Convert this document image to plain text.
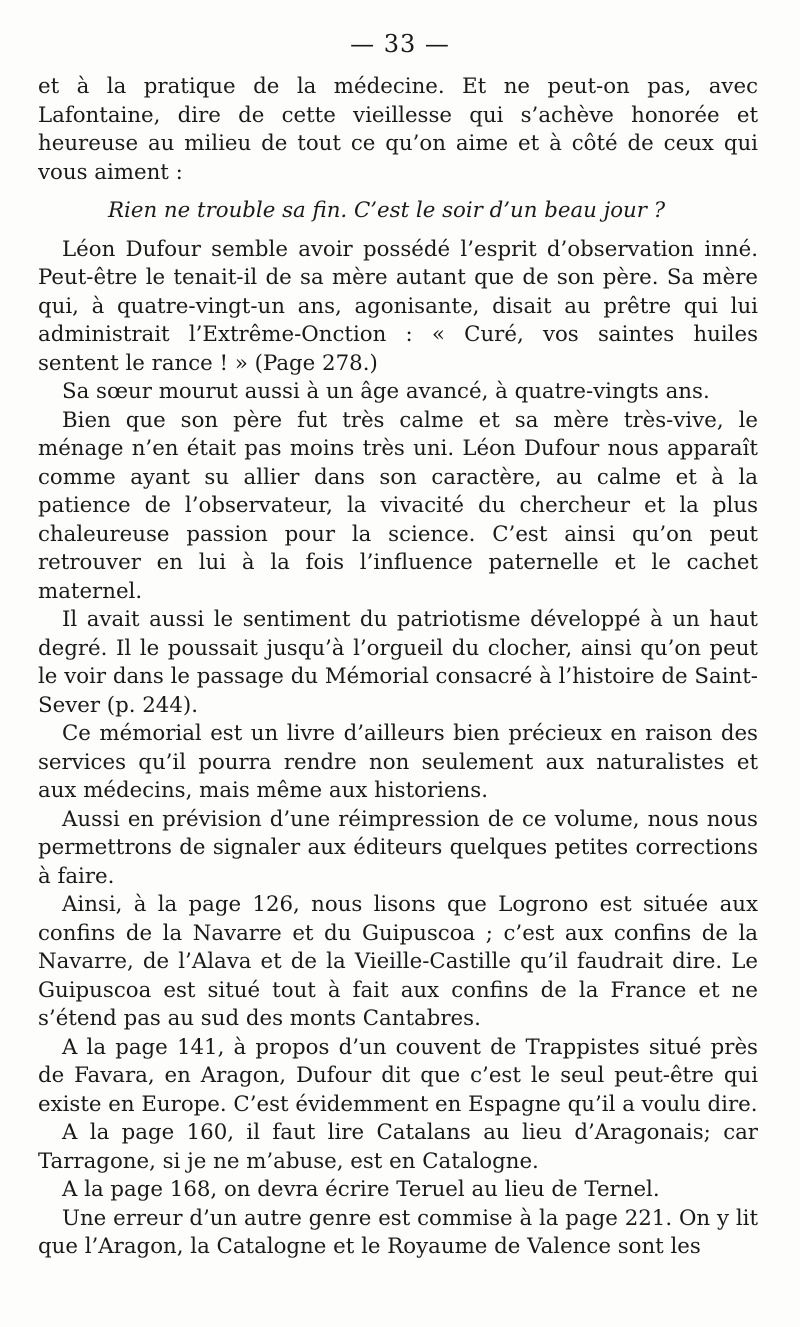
— 33 —

et à la pratique de la médecine. Et ne peut-on pas, avec Lafontaine, dire de cette vieillesse qui s’achève honorée et heureuse au milieu de tout ce qu’on aime et à côté de ceux qui vous aiment :

Rien ne trouble sa fin. C’est le soir d’un beau jour ?

Léon Dufour semble avoir possédé l’esprit d’observation inné. Peut-être le tenait-il de sa mère autant que de son père. Sa mère qui, à quatre-vingt-un ans, agonisante, disait au prêtre qui lui administrait l’Extrême-Onction : « Curé, vos saintes huiles sentent le rance ! » (Page 278.)

Sa sœur mourut aussi à un âge avancé, à quatre-vingts ans.

Bien que son père fut très calme et sa mère très-vive, le ménage n’en était pas moins très uni. Léon Dufour nous apparaît comme ayant su allier dans son caractère, au calme et à la patience de l’observateur, la vivacité du chercheur et la plus chaleureuse passion pour la science. C’est ainsi qu’on peut retrouver en lui à la fois l’influence paternelle et le cachet maternel.

Il avait aussi le sentiment du patriotisme développé à un haut degré. Il le poussait jusqu’à l’orgueil du clocher, ainsi qu’on peut le voir dans le passage du Mémorial consacré à l’histoire de Saint-Sever (p. 244).

Ce mémorial est un livre d’ailleurs bien précieux en raison des services qu’il pourra rendre non seulement aux naturalistes et aux médecins, mais même aux historiens.

Aussi en prévision d’une réimpression de ce volume, nous nous permettrons de signaler aux éditeurs quelques petites corrections à faire.

Ainsi, à la page 126, nous lisons que Logrono est située aux confins de la Navarre et du Guipuscoa ; c’est aux confins de la Navarre, de l’Alava et de la Vieille-Castille qu’il faudrait dire. Le Guipuscoa est situé tout à fait aux confins de la France et ne s’étend pas au sud des monts Cantabres.

A la page 141, à propos d’un couvent de Trappistes situé près de Favara, en Aragon, Dufour dit que c’est le seul peut-être qui existe en Europe. C’est évidemment en Espagne qu’il a voulu dire.

A la page 160, il faut lire Catalans au lieu d’Aragonais; car Tarragone, si je ne m’abuse, est en Catalogne.

A la page 168, on devra écrire Teruel au lieu de Ternel.

Une erreur d’un autre genre est commise à la page 221. On y lit que l’Aragon, la Catalogne et le Royaume de Valence sont les
